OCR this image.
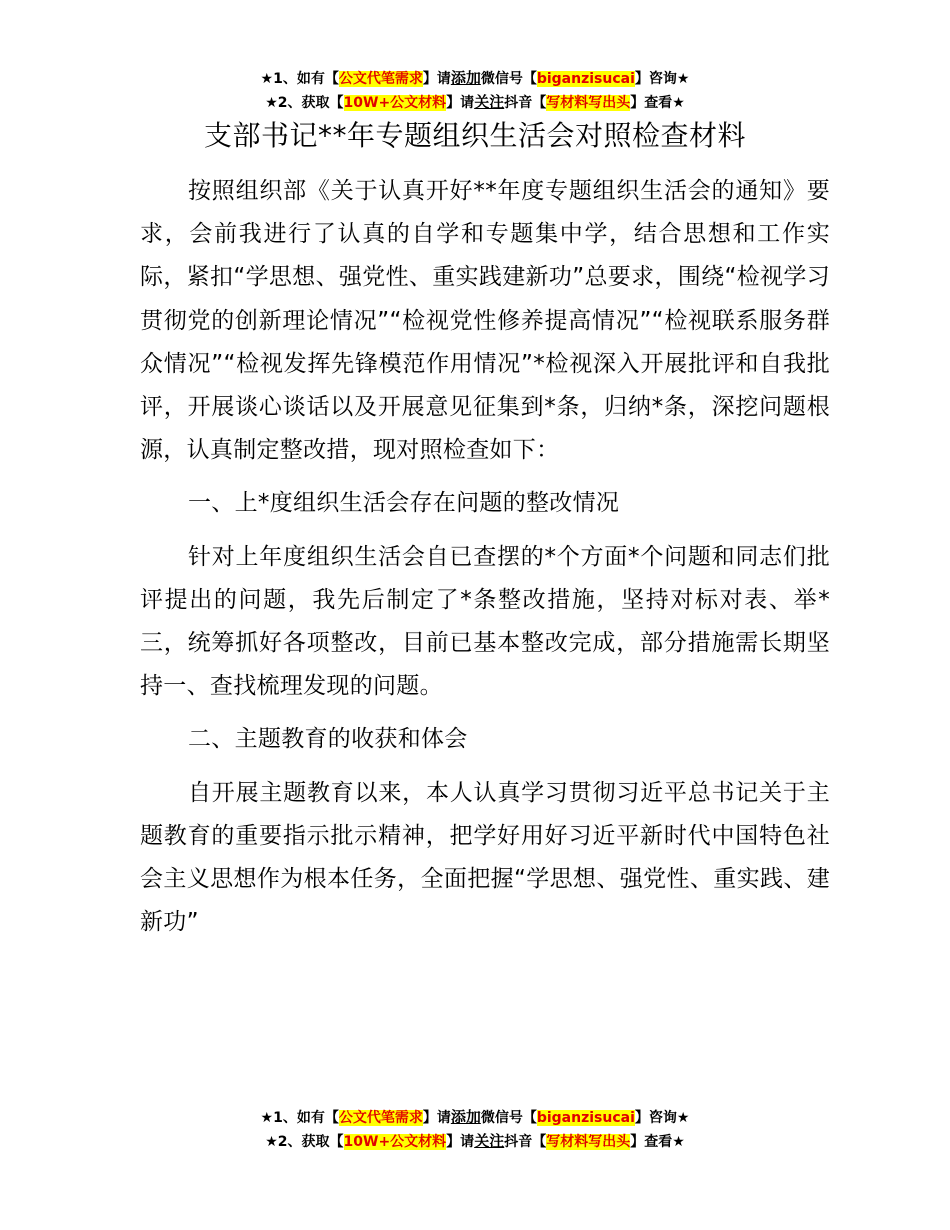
★1、如有【公文代笔需求】请添加微信号【biganzisucai】咨询★
★2、获取【10W+公文材料】请关注抖音【写材料写出头】查看★
支部书记**年专题组织生活会对照检查材料

按照组织部《关于认真开好**年度专题组织生活会的通知》要求，会前我进行了认真的自学和专题集中学，结合思想和工作实际，紧扣“学思想、强党性、重实践建新功”总要求，围绕“检视学习贯彻党的创新理论情况”“检视党性修养提高情况”“检视联系服务群众情况”“检视发挥先锋模范作用情况”*检视深入开展批评和自我批评，开展谈心谈话以及开展意见征集到*条，归纳*条，深挖问题根源，认真制定整改措，现对照检查如下：

一、上*度组织生活会存在问题的整改情况

针对上年度组织生活会自已查摆的*个方面*个问题和同志们批评提出的问题，我先后制定了*条整改措施，坚持对标对表、举*三，统筹抓好各项整改，目前已基本整改完成，部分措施需长期坚持一、查找梳理发现的问题。

二、主题教育的收获和体会

自开展主题教育以来，本人认真学习贯彻习近平总书记关于主题教育的重要指示批示精神，把学好用好习近平新时代中国特色社会主义思想作为根本任务，全面把握“学思想、强党性、重实践、建新功”

★1、如有【公文代笔需求】请添加微信号【biganzisucai】咨询★
★2、获取【10W+公文材料】请关注抖音【写材料写出头】查看★
